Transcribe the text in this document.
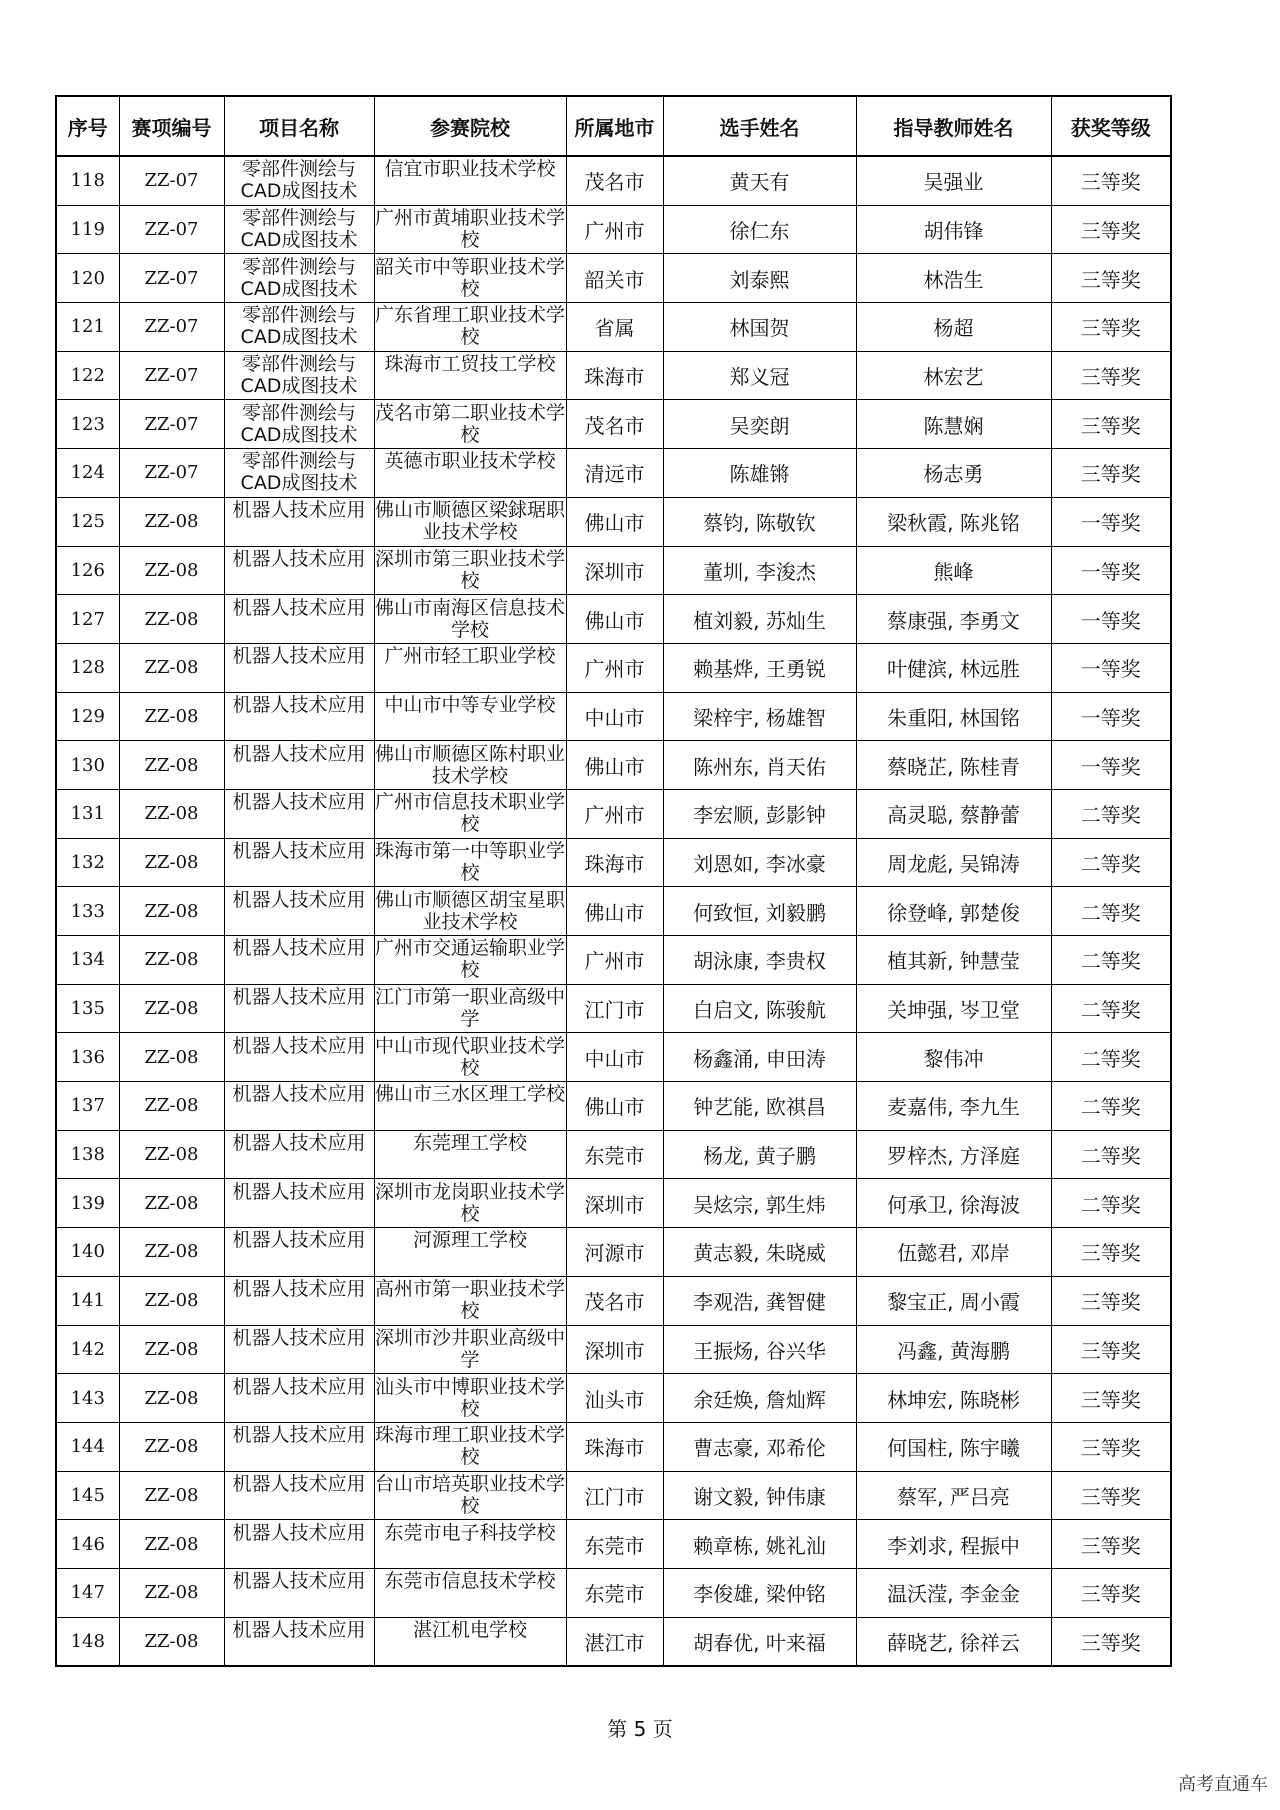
序号	赛项编号	项目名称	参赛院校	所属地市	选手姓名	指导教师姓名	获奖等级
118	ZZ-07	零部件测绘与CAD成图技术	信宜市职业技术学校	茂名市	黄天有	吴强业	三等奖
119	ZZ-07	零部件测绘与CAD成图技术	广州市黄埔职业技术学校	广州市	徐仁东	胡伟锋	三等奖
120	ZZ-07	零部件测绘与CAD成图技术	韶关市中等职业技术学校	韶关市	刘泰熙	林浩生	三等奖
121	ZZ-07	零部件测绘与CAD成图技术	广东省理工职业技术学校	省属	林国贺	杨超	三等奖
122	ZZ-07	零部件测绘与CAD成图技术	珠海市工贸技工学校	珠海市	郑义冠	林宏艺	三等奖
123	ZZ-07	零部件测绘与CAD成图技术	茂名市第二职业技术学校	茂名市	吴奕朗	陈慧娴	三等奖
124	ZZ-07	零部件测绘与CAD成图技术	英德市职业技术学校	清远市	陈雄锵	杨志勇	三等奖
125	ZZ-08	机器人技术应用	佛山市顺德区梁銶琚职业技术学校	佛山市	蔡钧, 陈敬钦	梁秋霞, 陈兆铭	一等奖
126	ZZ-08	机器人技术应用	深圳市第三职业技术学校	深圳市	董圳, 李浚杰	熊峰	一等奖
127	ZZ-08	机器人技术应用	佛山市南海区信息技术学校	佛山市	植刘毅, 苏灿生	蔡康强, 李勇文	一等奖
128	ZZ-08	机器人技术应用	广州市轻工职业学校	广州市	赖基烨, 王勇锐	叶健滨, 林远胜	一等奖
129	ZZ-08	机器人技术应用	中山市中等专业学校	中山市	梁梓宇, 杨雄智	朱重阳, 林国铭	一等奖
130	ZZ-08	机器人技术应用	佛山市顺德区陈村职业技术学校	佛山市	陈州东, 肖天佑	蔡晓芷, 陈桂青	一等奖
131	ZZ-08	机器人技术应用	广州市信息技术职业学校	广州市	李宏顺, 彭影钟	高灵聪, 蔡静蕾	二等奖
132	ZZ-08	机器人技术应用	珠海市第一中等职业学校	珠海市	刘恩如, 李冰豪	周龙彪, 吴锦涛	二等奖
133	ZZ-08	机器人技术应用	佛山市顺德区胡宝星职业技术学校	佛山市	何致恒, 刘毅鹏	徐登峰, 郭楚俊	二等奖
134	ZZ-08	机器人技术应用	广州市交通运输职业学校	广州市	胡泳康, 李贵权	植其新, 钟慧莹	二等奖
135	ZZ-08	机器人技术应用	江门市第一职业高级中学	江门市	白启文, 陈骏航	关坤强, 岑卫堂	二等奖
136	ZZ-08	机器人技术应用	中山市现代职业技术学校	中山市	杨鑫涌, 申田涛	黎伟冲	二等奖
137	ZZ-08	机器人技术应用	佛山市三水区理工学校	佛山市	钟艺能, 欧祺昌	麦嘉伟, 李九生	二等奖
138	ZZ-08	机器人技术应用	东莞理工学校	东莞市	杨龙, 黄子鹏	罗梓杰, 方泽庭	二等奖
139	ZZ-08	机器人技术应用	深圳市龙岗职业技术学校	深圳市	吴炫宗, 郭生炜	何承卫, 徐海波	二等奖
140	ZZ-08	机器人技术应用	河源理工学校	河源市	黄志毅, 朱晓威	伍懿君, 邓岸	三等奖
141	ZZ-08	机器人技术应用	高州市第一职业技术学校	茂名市	李观浩, 龚智健	黎宝正, 周小霞	三等奖
142	ZZ-08	机器人技术应用	深圳市沙井职业高级中学	深圳市	王振炀, 谷兴华	冯鑫, 黄海鹏	三等奖
143	ZZ-08	机器人技术应用	汕头市中博职业技术学校	汕头市	余廷焕, 詹灿辉	林坤宏, 陈晓彬	三等奖
144	ZZ-08	机器人技术应用	珠海市理工职业技术学校	珠海市	曹志豪, 邓希伦	何国柱, 陈宇曦	三等奖
145	ZZ-08	机器人技术应用	台山市培英职业技术学校	江门市	谢文毅, 钟伟康	蔡军, 严吕亮	三等奖
146	ZZ-08	机器人技术应用	东莞市电子科技学校	东莞市	赖章栋, 姚礼汕	李刘求, 程振中	三等奖
147	ZZ-08	机器人技术应用	东莞市信息技术学校	东莞市	李俊雄, 梁仲铭	温沃滢, 李金金	三等奖
148	ZZ-08	机器人技术应用	湛江机电学校	湛江市	胡春优, 叶来福	薛晓艺, 徐祥云	三等奖
第 5 页
高考直通车
